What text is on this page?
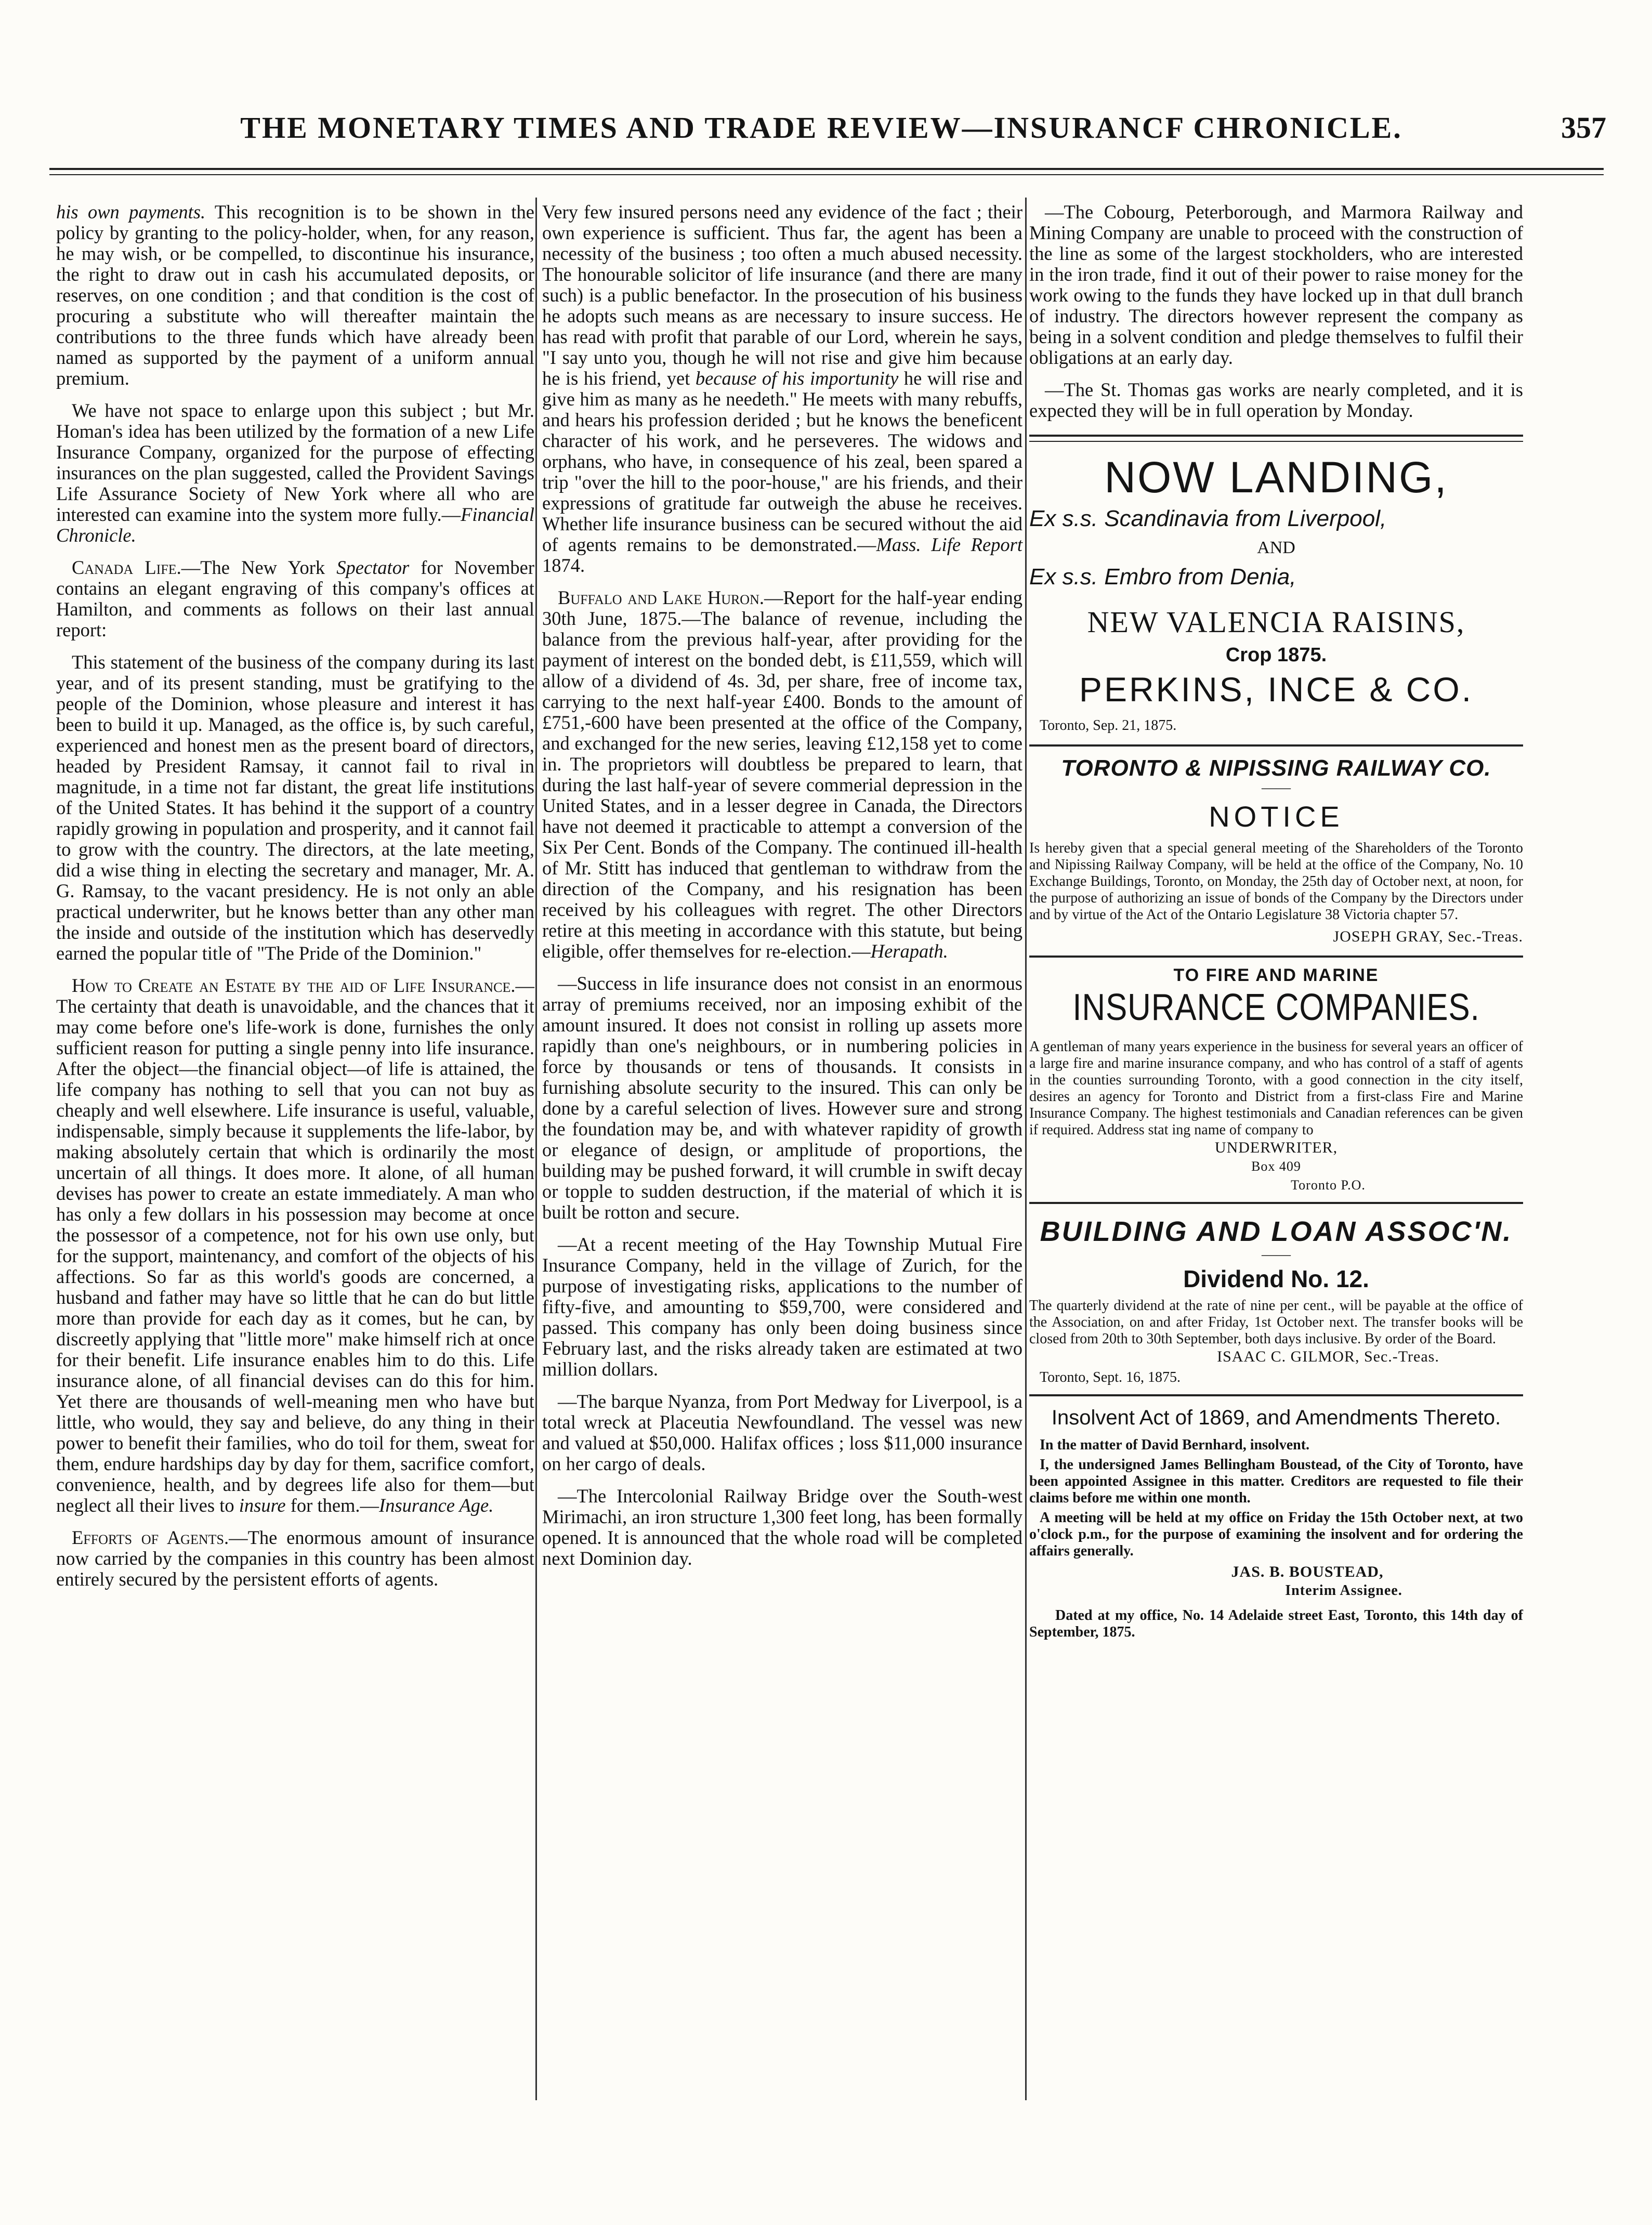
THE MONETARY TIMES AND TRADE REVIEW—INSURANCF CHRONICLE.	357

his own payments. This recognition is to be shown in the policy by granting to the policy-holder, when, for any reason, he may wish, or be compelled, to discontinue his insurance, the right to draw out in cash his accumulated deposits, or reserves, on one condition ; and that condition is the cost of procuring a substitute who will thereafter maintain the contributions to the three funds which have already been named as supported by the payment of a uniform annual premium.

We have not space to enlarge upon this subject ; but Mr. Homan's idea has been utilized by the formation of a new Life Insurance Company, organized for the purpose of effecting insurances on the plan suggested, called the Provident Savings Life Assurance Society of New York where all who are interested can examine into the system more fully.—Financial Chronicle.

Canada Life.—The New York Spectator for November contains an elegant engraving of this company's offices at Hamilton, and comments as follows on their last annual report:

This statement of the business of the company during its last year, and of its present standing, must be gratifying to the people of the Dominion, whose pleasure and interest it has been to build it up. Managed, as the office is, by such careful, experienced and honest men as the present board of directors, headed by President Ramsay, it cannot fail to rival in magnitude, in a time not far distant, the great life institutions of the United States. It has behind it the support of a country rapidly growing in population and prosperity, and it cannot fail to grow with the country. The directors, at the late meeting, did a wise thing in electing the secretary and manager, Mr. A. G. Ramsay, to the vacant presidency. He is not only an able practical underwriter, but he knows better than any other man the inside and outside of the institution which has deservedly earned the popular title of "The Pride of the Dominion."

How to Create an Estate by the aid of Life Insurance.—The certainty that death is unavoidable, and the chances that it may come before one's life-work is done, furnishes the only sufficient reason for putting a single penny into life insurance. After the object—the financial object—of life is attained, the life company has nothing to sell that you can not buy as cheaply and well elsewhere. Life insurance is useful, valuable, indispensable, simply because it supplements the life-labor, by making absolutely certain that which is ordinarily the most uncertain of all things. It does more. It alone, of all human devises has power to create an estate immediately. A man who has only a few dollars in his possession may become at once the possessor of a competence, not for his own use only, but for the support, maintenancy, and comfort of the objects of his affections. So far as this world's goods are concerned, a husband and father may have so little that he can do but little more than provide for each day as it comes, but he can, by discreetly applying that "little more" make himself rich at once for their benefit. Life insurance enables him to do this. Life insurance alone, of all financial devises can do this for him. Yet there are thousands of well-meaning men who have but little, who would, they say and believe, do any thing in their power to benefit their families, who do toil for them, sweat for them, endure hardships day by day for them, sacrifice comfort, convenience, health, and by degrees life also for them—but neglect all their lives to insure for them.—Insurance Age.

Efforts of Agents.—The enormous amount of insurance now carried by the companies in this country has been almost entirely secured by the persistent efforts of agents.

Very few insured persons need any evidence of the fact ; their own experience is sufficient. Thus far, the agent has been a necessity of the business ; too often a much abused necessity. The honourable solicitor of life insurance (and there are many such) is a public benefactor. In the prosecution of his business he adopts such means as are necessary to insure success. He has read with profit that parable of our Lord, wherein he says, "I say unto you, though he will not rise and give him because he is his friend, yet because of his importunity he will rise and give him as many as he needeth." He meets with many rebuffs, and hears his profession derided ; but he knows the beneficent character of his work, and he perseveres. The widows and orphans, who have, in consequence of his zeal, been spared a trip "over the hill to the poor-house," are his friends, and their expressions of gratitude far outweigh the abuse he receives. Whether life insurance business can be secured without the aid of agents remains to be demonstrated.—Mass. Life Report 1874.

Buffalo and Lake Huron.—Report for the half-year ending 30th June, 1875.—The balance of revenue, including the balance from the previous half-year, after providing for the payment of interest on the bonded debt, is £11,559, which will allow of a dividend of 4s. 3d, per share, free of income tax, carrying to the next half-year £400. Bonds to the amount of £751,-600 have been presented at the office of the Company, and exchanged for the new series, leaving £12,158 yet to come in. The proprietors will doubtless be prepared to learn, that during the last half-year of severe commerial depression in the United States, and in a lesser degree in Canada, the Directors have not deemed it practicable to attempt a conversion of the Six Per Cent. Bonds of the Company. The continued ill-health of Mr. Stitt has induced that gentleman to withdraw from the direction of the Company, and his resignation has been received by his colleagues with regret. The other Directors retire at this meeting in accordance with this statute, but being eligible, offer themselves for re-election.—Herapath.

—Success in life insurance does not consist in an enormous array of premiums received, nor an imposing exhibit of the amount insured. It does not consist in rolling up assets more rapidly than one's neighbours, or in numbering policies in force by thousands or tens of thousands. It consists in furnishing absolute security to the insured. This can only be done by a careful selection of lives. However sure and strong the foundation may be, and with whatever rapidity of growth or elegance of design, or amplitude of proportions, the building may be pushed forward, it will crumble in swift decay or topple to sudden destruction, if the material of which it is built be rotton and secure.

—At a recent meeting of the Hay Township Mutual Fire Insurance Company, held in the village of Zurich, for the purpose of investigating risks, applications to the number of fifty-five, and amounting to $59,700, were considered and passed. This company has only been doing business since February last, and the risks already taken are estimated at two million dollars.

—The barque Nyanza, from Port Medway for Liverpool, is a total wreck at Placeutia Newfoundland. The vessel was new and valued at $50,000. Halifax offices ; loss $11,000 insurance on her cargo of deals.

—The Intercolonial Railway Bridge over the South-west Mirimachi, an iron structure 1,300 feet long, has been formally opened. It is announced that the whole road will be completed next Dominion day.

—The Cobourg, Peterborough, and Marmora Railway and Mining Company are unable to proceed with the construction of the line as some of the largest stockholders, who are interested in the iron trade, find it out of their power to raise money for the work owing to the funds they have locked up in that dull branch of industry. The directors however represent the company as being in a solvent condition and pledge themselves to fulfil their obligations at an early day.

—The St. Thomas gas works are nearly completed, and it is expected they will be in full operation by Monday.

NOW LANDING,
Ex s.s. Scandinavia from Liverpool,
AND
Ex s.s. Embro from Denia,
NEW VALENCIA RAISINS,
Crop 1875.
PERKINS, INCE & CO.
Toronto, Sep. 21, 1875.
TORONTO & NIPISSING RAILWAY CO.
——
NOTICE
Is hereby given that a special general meeting of the Shareholders of the Toronto and Nipissing Railway Company, will be held at the office of the Company, No. 10 Exchange Buildings, Toronto, on Monday, the 25th day of October next, at noon, for the purpose of authorizing an issue of bonds of the Company by the Directors under and by virtue of the Act of the Ontario Legislature 38 Victoria chapter 57.
JOSEPH GRAY, Sec.-Treas.
TO FIRE AND MARINE
INSURANCE COMPANIES.
A gentleman of many years experience in the business for several years an officer of a large fire and marine insurance company, and who has control of a staff of agents in the counties surrounding Toronto, with a good connection in the city itself, desires an agency for Toronto and District from a first-class Fire and Marine Insurance Company. The highest testimonials and Canadian references can be given if required. Address stat ing name of company to
UNDERWRITER,
Box 409
Toronto P.O.
BUILDING AND LOAN ASSOC'N.
——
Dividend No. 12.
The quarterly dividend at the rate of nine per cent., will be payable at the office of the Association, on and after Friday, 1st October next. The transfer books will be closed from 20th to 30th September, both days inclusive. By order of the Board.
ISAAC C. GILMOR, Sec.-Treas.
Toronto, Sept. 16, 1875.
Insolvent Act of 1869, and Amendments Thereto.

In the matter of David Bernhard, insolvent.

I, the undersigned James Bellingham Boustead, of the City of Toronto, have been appointed Assignee in this matter. Creditors are requested to file their claims before me within one month.

A meeting will be held at my office on Friday the 15th October next, at two o'clock p.m., for the purpose of examining the insolvent and for ordering the affairs generally.

JAS. B. BOUSTEAD,
Interim Assignee.
Dated at my office, No. 14 Adelaide street East, Toronto, this 14th day of September, 1875.
